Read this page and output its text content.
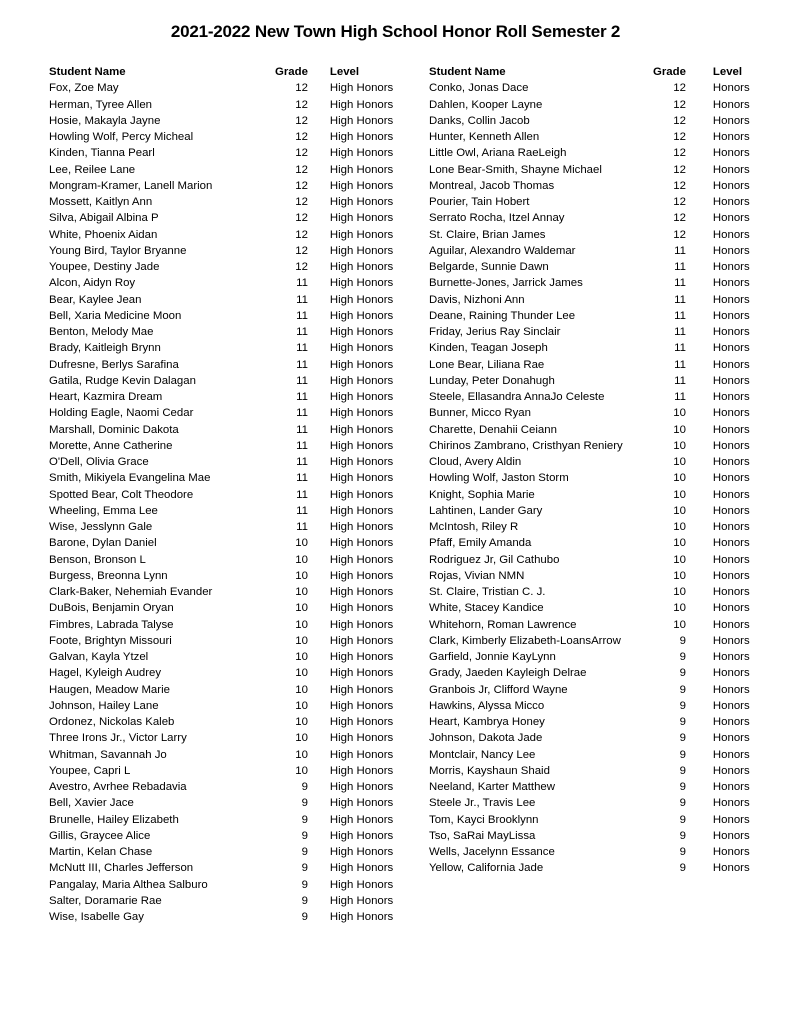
2021-2022 New Town High School Honor Roll Semester 2
Student Name	Grade		Level
Fox, Zoe May	12		High Honors
Herman, Tyree Allen	12		High Honors
Hosie, Makayla Jayne	12		High Honors
Howling Wolf, Percy Micheal	12		High Honors
Kinden, Tianna Pearl	12		High Honors
Lee, Reilee Lane	12		High Honors
Mongram-Kramer, Lanell Marion	12		High Honors
Mossett, Kaitlyn Ann	12		High Honors
Silva, Abigail Albina P	12		High Honors
White, Phoenix Aidan	12		High Honors
Young Bird, Taylor Bryanne	12		High Honors
Youpee, Destiny Jade	12		High Honors
Alcon, Aidyn Roy	11		High Honors
Bear, Kaylee Jean	11		High Honors
Bell, Xaria Medicine Moon	11		High Honors
Benton, Melody Mae	11		High Honors
Brady, Kaitleigh Brynn	11		High Honors
Dufresne, Berlys Sarafina	11		High Honors
Gatila, Rudge Kevin Dalagan	11		High Honors
Heart, Kazmira Dream	11		High Honors
Holding Eagle, Naomi Cedar	11		High Honors
Marshall, Dominic Dakota	11		High Honors
Morette, Anne Catherine	11		High Honors
O'Dell, Olivia Grace	11		High Honors
Smith, Mikiyela Evangelina Mae	11		High Honors
Spotted Bear, Colt Theodore	11		High Honors
Wheeling, Emma Lee	11		High Honors
Wise, Jesslynn Gale	11		High Honors
Barone, Dylan Daniel	10		High Honors
Benson, Bronson L	10		High Honors
Burgess, Breonna Lynn	10		High Honors
Clark-Baker, Nehemiah Evander	10		High Honors
DuBois, Benjamin Oryan	10		High Honors
Fimbres, Labrada Talyse	10		High Honors
Foote, Brightyn Missouri	10		High Honors
Galvan, Kayla Ytzel	10		High Honors
Hagel, Kyleigh Audrey	10		High Honors
Haugen, Meadow Marie	10		High Honors
Johnson, Hailey Lane	10		High Honors
Ordonez, Nickolas Kaleb	10		High Honors
Three Irons Jr., Victor Larry	10		High Honors
Whitman, Savannah Jo	10		High Honors
Youpee, Capri L	10		High Honors
Avestro, Avrhee Rebadavia	9		High Honors
Bell, Xavier Jace	9		High Honors
Brunelle, Hailey Elizabeth	9		High Honors
Gillis, Graycee Alice	9		High Honors
Martin, Kelan Chase	9		High Honors
McNutt III, Charles Jefferson	9		High Honors
Pangalay, Maria Althea Salburo	9		High Honors
Salter, Doramarie Rae	9		High Honors
Wise, Isabelle Gay	9		High Honors
Student Name	Grade		Level
Conko, Jonas Dace	12		Honors
Dahlen, Kooper Layne	12		Honors
Danks, Collin Jacob	12		Honors
Hunter, Kenneth Allen	12		Honors
Little Owl, Ariana RaeLeigh	12		Honors
Lone Bear-Smith, Shayne Michael	12		Honors
Montreal, Jacob Thomas	12		Honors
Pourier, Tain Hobert	12		Honors
Serrato Rocha, Itzel Annay	12		Honors
St. Claire, Brian James	12		Honors
Aguilar, Alexandro Waldemar	11		Honors
Belgarde, Sunnie Dawn	11		Honors
Burnette-Jones, Jarrick James	11		Honors
Davis, Nizhoni Ann	11		Honors
Deane, Raining Thunder Lee	11		Honors
Friday, Jerius Ray Sinclair	11		Honors
Kinden, Teagan Joseph	11		Honors
Lone Bear, Liliana Rae	11		Honors
Lunday, Peter Donahugh	11		Honors
Steele, Ellasandra AnnaJo Celeste	11		Honors
Bunner, Micco Ryan	10		Honors
Charette, Denahii Ceiann	10		Honors
Chirinos Zambrano, Cristhyan Reniery	10		Honors
Cloud, Avery Aldin	10		Honors
Howling Wolf, Jaston Storm	10		Honors
Knight, Sophia Marie	10		Honors
Lahtinen, Lander Gary	10		Honors
McIntosh, Riley R	10		Honors
Pfaff, Emily Amanda	10		Honors
Rodriguez Jr, Gil Cathubo	10		Honors
Rojas, Vivian NMN	10		Honors
St. Claire, Tristian C. J.	10		Honors
White, Stacey Kandice	10		Honors
Whitehorn, Roman Lawrence	10		Honors
Clark, Kimberly Elizabeth-LoansArrow	9		Honors
Garfield, Jonnie KayLynn	9		Honors
Grady, Jaeden Kayleigh Delrae	9		Honors
Granbois Jr, Clifford Wayne	9		Honors
Hawkins, Alyssa Micco	9		Honors
Heart, Kambrya Honey	9		Honors
Johnson, Dakota Jade	9		Honors
Montclair, Nancy Lee	9		Honors
Morris, Kayshaun Shaid	9		Honors
Neeland, Karter Matthew	9		Honors
Steele Jr., Travis Lee	9		Honors
Tom, Kayci Brooklynn	9		Honors
Tso, SaRai MayLissa	9		Honors
Wells, Jacelynn Essance	9		Honors
Yellow, California Jade	9		Honors
